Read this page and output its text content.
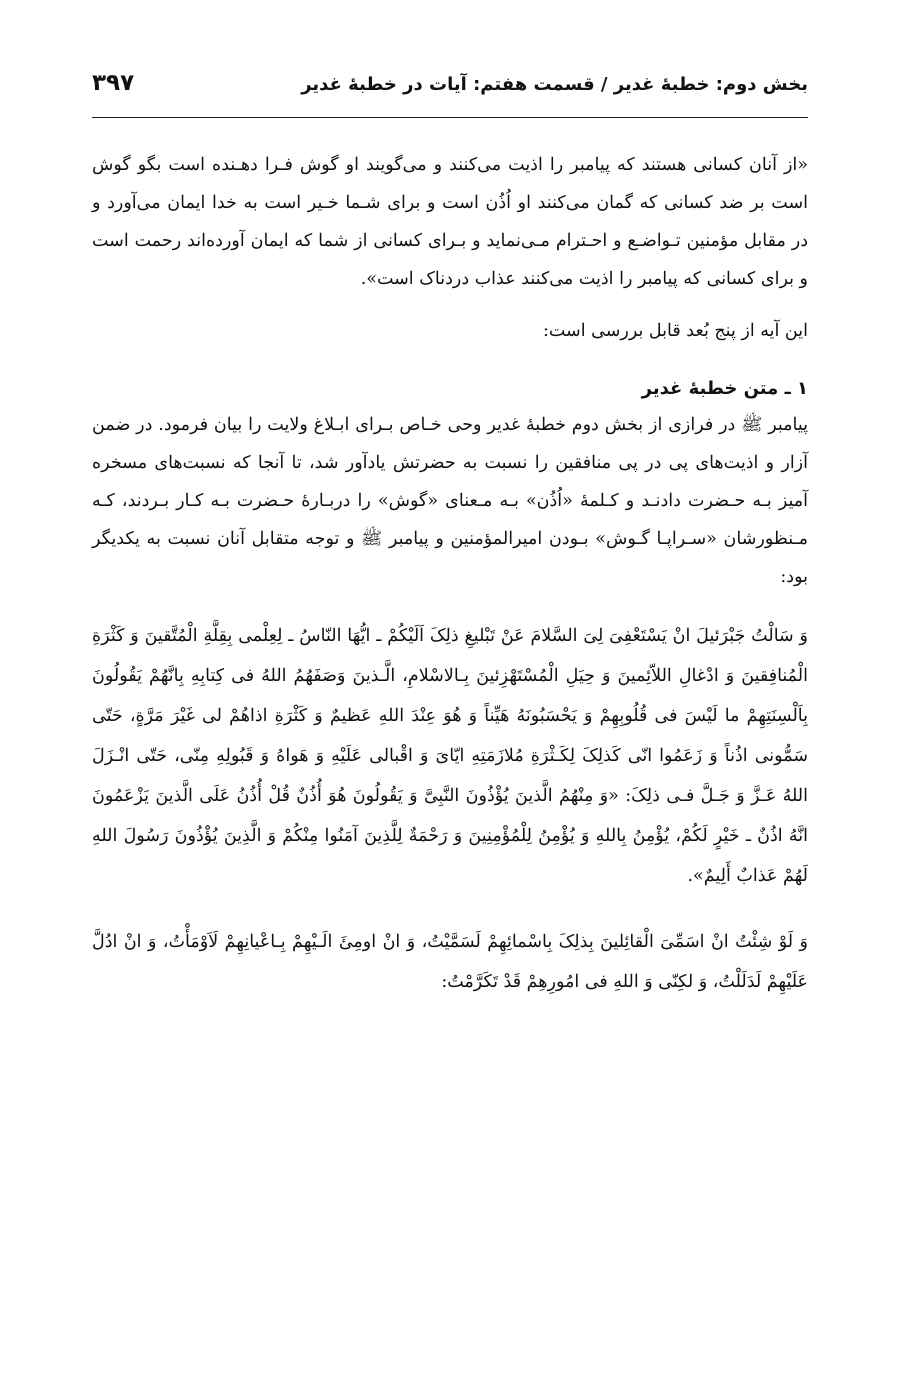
بخش دوم: خطبهٔ غدیر / قسمت هفتم: آیات در خطبهٔ غدیر
۳۹۷

«از آنان کسانی هستند که پیامبر را اذیت می‌کنند و می‌گویند او گوش فـرا دهـنده است بگو گوش است بر ضد کسانی که گمان می‌کنند او اُذُن است و برای شـما خـیر است به خدا ایمان می‌آورد و در مقابل مؤمنین تـواضـع و احـترام مـی‌نماید و بـرای کسانی از شما که ایمان آورده‌اند رحمت است و برای کسانی که پیامبر را اذیت می‌کنند عذاب دردناک است».

این آیه از پنج بُعد قابل بررسی است:

۱ ـ متن خطبهٔ غدیر

پیامبر ﷺ در فرازی از بخش دوم خطبهٔ غدیر وحی خـاص بـرای ابـلاغ ولایت را بیان فرمود. در ضمن آزار و اذیت‌های پی در پی منافقین را نسبت به حضرتش یادآور شد، تا آنجا که نسبت‌های مسخره آمیز بـه حـضرت دادنـد و کـلمهٔ «اُذُن» بـه مـعنای «گوش» را دربـارهٔ حـضرت بـه کـار بـردند، کـه مـنظورشان «سـراپـا گـوش» بـودن امیرالمؤمنین و پیامبر ﷺ و توجه متقابل آنان نسبت به یکدیگر بود:

وَ سَالْتُ جَبْرَئیلَ انْ یَسْتَعْفِیَ لِیَ السَّلامَ عَنْ تَبْلیغِ ذلِکَ اَلَیْکُمْ ـ ایُّهَا النّاسُ ـ لِعِلْمی بِقِلَّةِ الْمُتَّقینَ وَ کَثْرَةِ الْمُنافِقینَ وَ ادْغالِ اللاّئِمینَ وَ حِیَلِ الْمُسْتَهْزِئینَ بِـالاسْلامِ، الَّـذینَ وَصَفَهُمُ اللهُ فی کِتابِهِ بِانَّهُمْ یَقُولُونَ بِاَلْسِنَتِهِمْ ما لَیْسَ فی قُلُوبِهِمْ وَ یَحْسَبُونَهُ هَیِّناً وَ هُوَ عِنْدَ اللهِ عَظیمٌ وَ کَثْرَةِ اذاهُمْ لی غَیْرَ مَرَّةٍ، حَتّی سَمُّونی اذُناً وَ زَعَمُوا انّی کَذلِکَ لِکَـثْرَةِ مُلازَمَتِهِ ایّایَ وَ اقْبالی عَلَیْهِ وَ هَواهُ وَ قَبُولِهِ مِنّی، حَتّی انْـزَلَ اللهُ عَـزَّ وَ جَـلَّ فـی ذلِکَ: «وَ مِنْهُمُ الَّذینَ یُؤْذُونَ النَّبِیَّ وَ یَقُولُونَ هُوَ أُذُنٌ قُلْ أُذُنُ عَلَی الَّذینَ یَزْعَمُونَ انَّهُ اذُنٌ ـ خَیْرٍ لَکُمْ، یُؤْمِنُ بِاللهِ وَ یُؤْمِنُ لِلْمُؤْمِنِینَ وَ رَحْمَةٌ لِلَّذِینَ آمَنُوا مِنْکُمْ وَ الَّذِینَ یُؤْذُونَ رَسُولَ اللهِ لَهُمْ عَذابٌ أَلِیمٌ».

وَ لَوْ شِئْتُ انْ اسَمِّیَ الْقائِلینَ بِذلِکَ بِاسْمائِهِمْ لَسَمَّیْتُ، وَ انْ اومِئَ الَـیْهِمْ بِـاعْیانِهِمْ لَاَوْمَأْتُ، وَ انْ ادُلَّ عَلَیْهِمْ لَدَلَلْتُ، وَ لکِنّی وَ اللهِ فی امُورِهِمْ قَدْ تَکَرَّمْتُ:
